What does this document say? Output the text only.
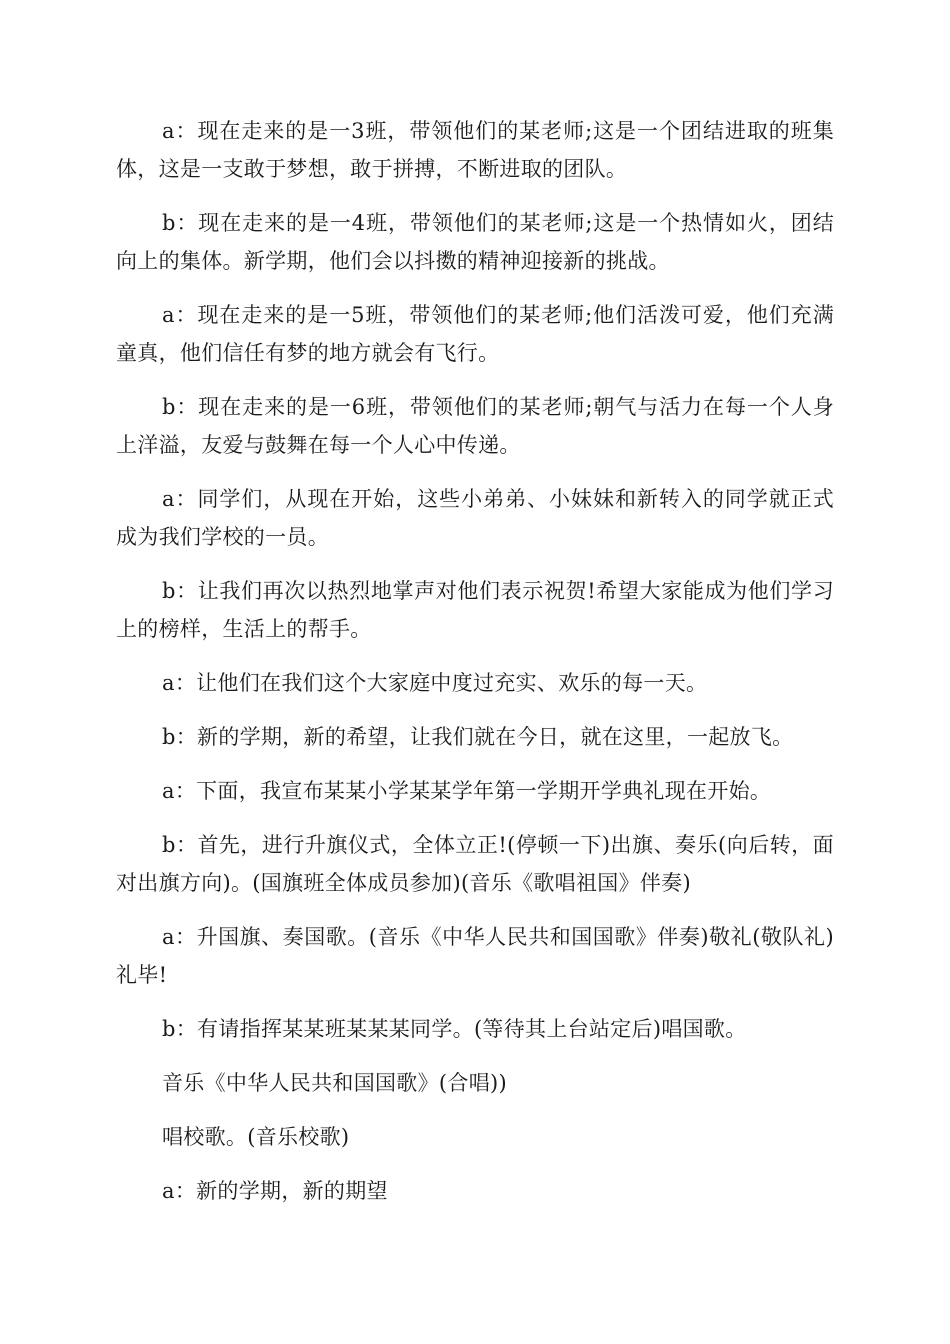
a：现在走来的是一3班，带领他们的某老师;这是一个团结进取的班集体，这是一支敢于梦想，敢于拼搏，不断进取的团队。

b：现在走来的是一4班，带领他们的某老师;这是一个热情如火，团结向上的集体。新学期，他们会以抖擞的精神迎接新的挑战。

a：现在走来的是一5班，带领他们的某老师;他们活泼可爱，他们充满童真，他们信任有梦的地方就会有飞行。

b：现在走来的是一6班，带领他们的某老师;朝气与活力在每一个人身上洋溢，友爱与鼓舞在每一个人心中传递。

a：同学们，从现在开始，这些小弟弟、小妹妹和新转入的同学就正式成为我们学校的一员。

b：让我们再次以热烈地掌声对他们表示祝贺!希望大家能成为他们学习上的榜样，生活上的帮手。

a：让他们在我们这个大家庭中度过充实、欢乐的每一天。

b：新的学期，新的希望，让我们就在今日，就在这里，一起放飞。

a：下面，我宣布某某小学某某学年第一学期开学典礼现在开始。

b：首先，进行升旗仪式，全体立正!(停顿一下)出旗、奏乐(向后转，面对出旗方向)。(国旗班全体成员参加)(音乐《歌唱祖国》伴奏)

a：升国旗、奏国歌。(音乐《中华人民共和国国歌》伴奏)敬礼(敬队礼)礼毕!

b：有请指挥某某班某某某同学。(等待其上台站定后)唱国歌。

音乐《中华人民共和国国歌》(合唱))

唱校歌。(音乐校歌)

a：新的学期，新的期望
